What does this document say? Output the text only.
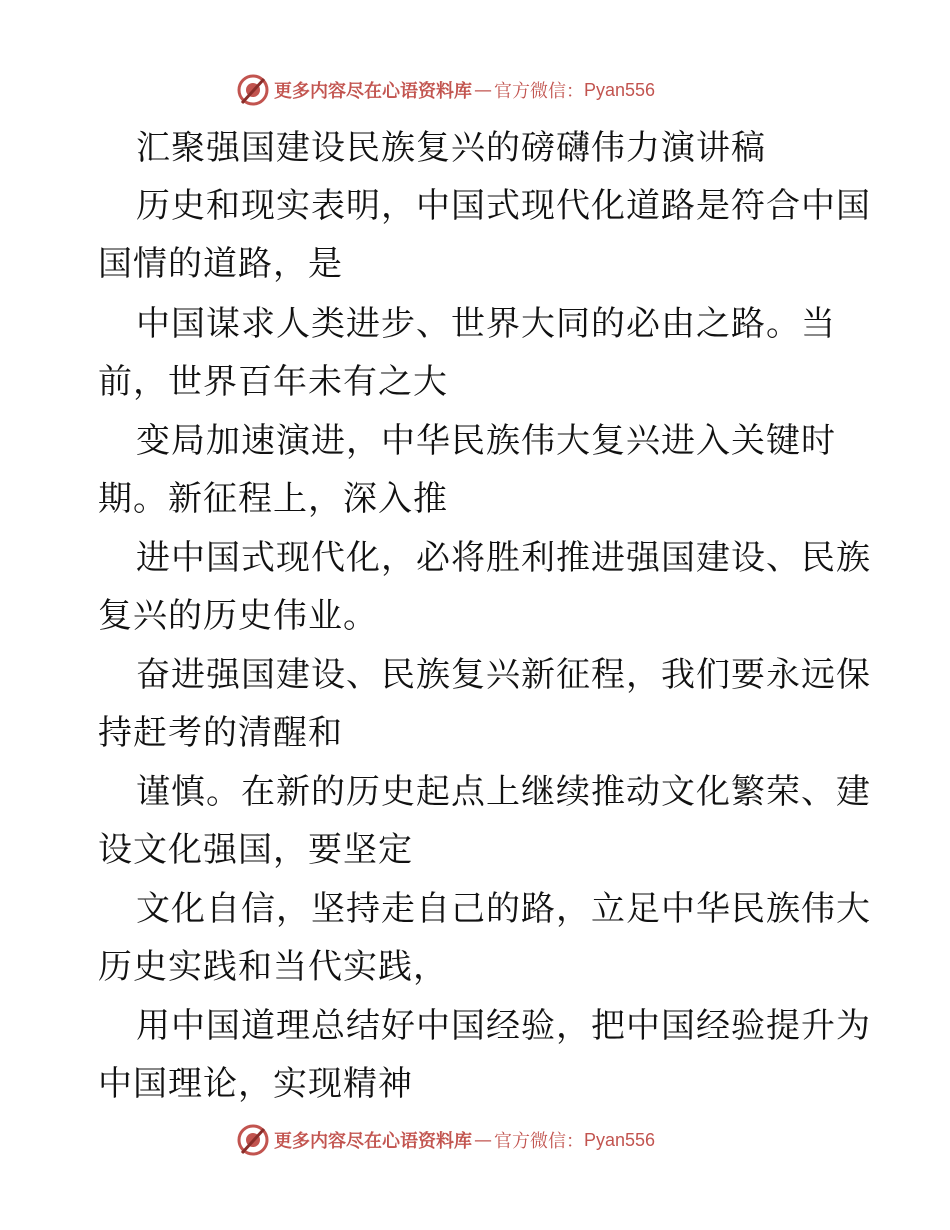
更多内容尽在心语资料库 — 官方微信： Pyan556
汇聚强国建设民族复兴的磅礴伟力演讲稿
历史和现实表明，中国式现代化道路是符合中国
国情的道路，是
中国谋求人类进步、世界大同的必由之路。当
前，世界百年未有之大
变局加速演进，中华民族伟大复兴进入关键时
期。新征程上，深入推
进中国式现代化，必将胜利推进强国建设、民族
复兴的历史伟业。
奋进强国建设、民族复兴新征程，我们要永远保
持赶考的清醒和
谨慎。在新的历史起点上继续推动文化繁荣、建
设文化强国，要坚定
文化自信，坚持走自己的路，立足中华民族伟大
历史实践和当代实践，
用中国道理总结好中国经验，把中国经验提升为
中国理论，实现精神
更多内容尽在心语资料库 — 官方微信： Pyan556
